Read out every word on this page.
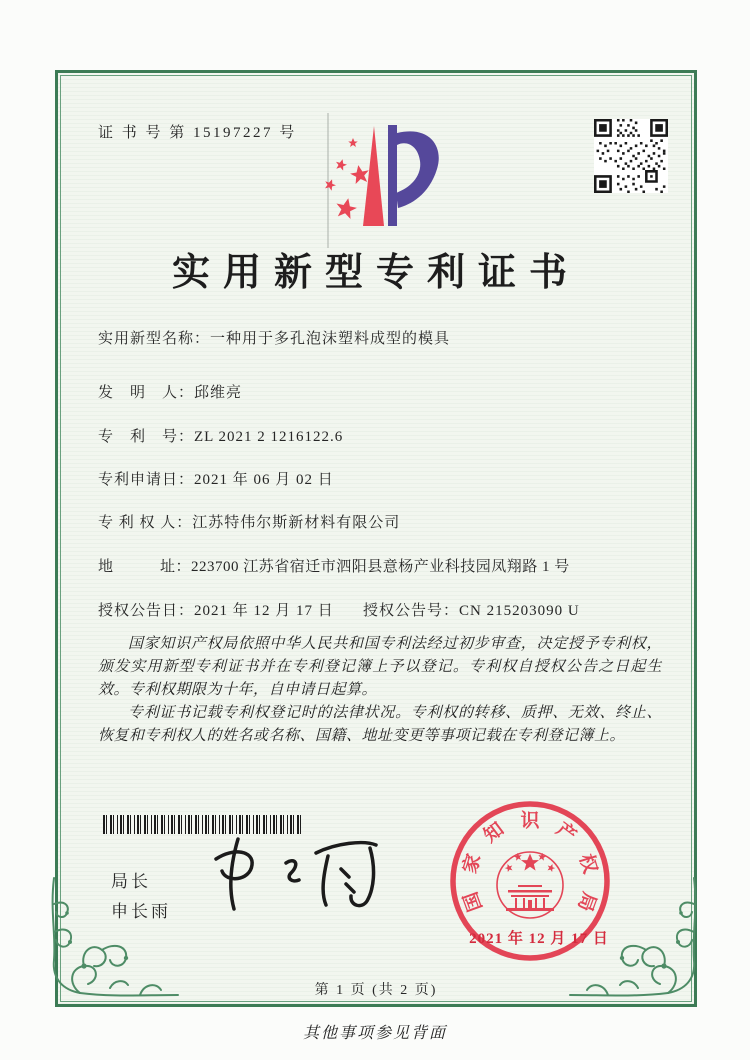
证 书 号 第 15197227 号
实用新型专利证书
实用新型名称：一种用于多孔泡沫塑料成型的模具
发　明　人：邱维亮
专　利　号：ZL 2021 2 1216122.6
专利申请日：2021 年 06 月 02 日
专 利 权 人：江苏特伟尔斯新材料有限公司
地　　　址：223700 江苏省宿迁市泗阳县意杨产业科技园凤翔路 1 号
授权公告日：2021 年 12 月 17 日 授权公告号：CN 215203090 U

国家知识产权局依照中华人民共和国专利法经过初步审查，决定授予专利权，颁发实用新型专利证书并在专利登记簿上予以登记。专利权自授权公告之日起生效。专利权期限为十年，自申请日起算。

专利证书记载专利权登记时的法律状况。专利权的转移、质押、无效、终止、恢复和专利权人的姓名或名称、国籍、地址变更等事项记载在专利登记簿上。

局长
申长雨	国
家
知 识 产
权
局
2021 年 12 月 17 日
第 1 页 (共 2 页)
其他事项参见背面
